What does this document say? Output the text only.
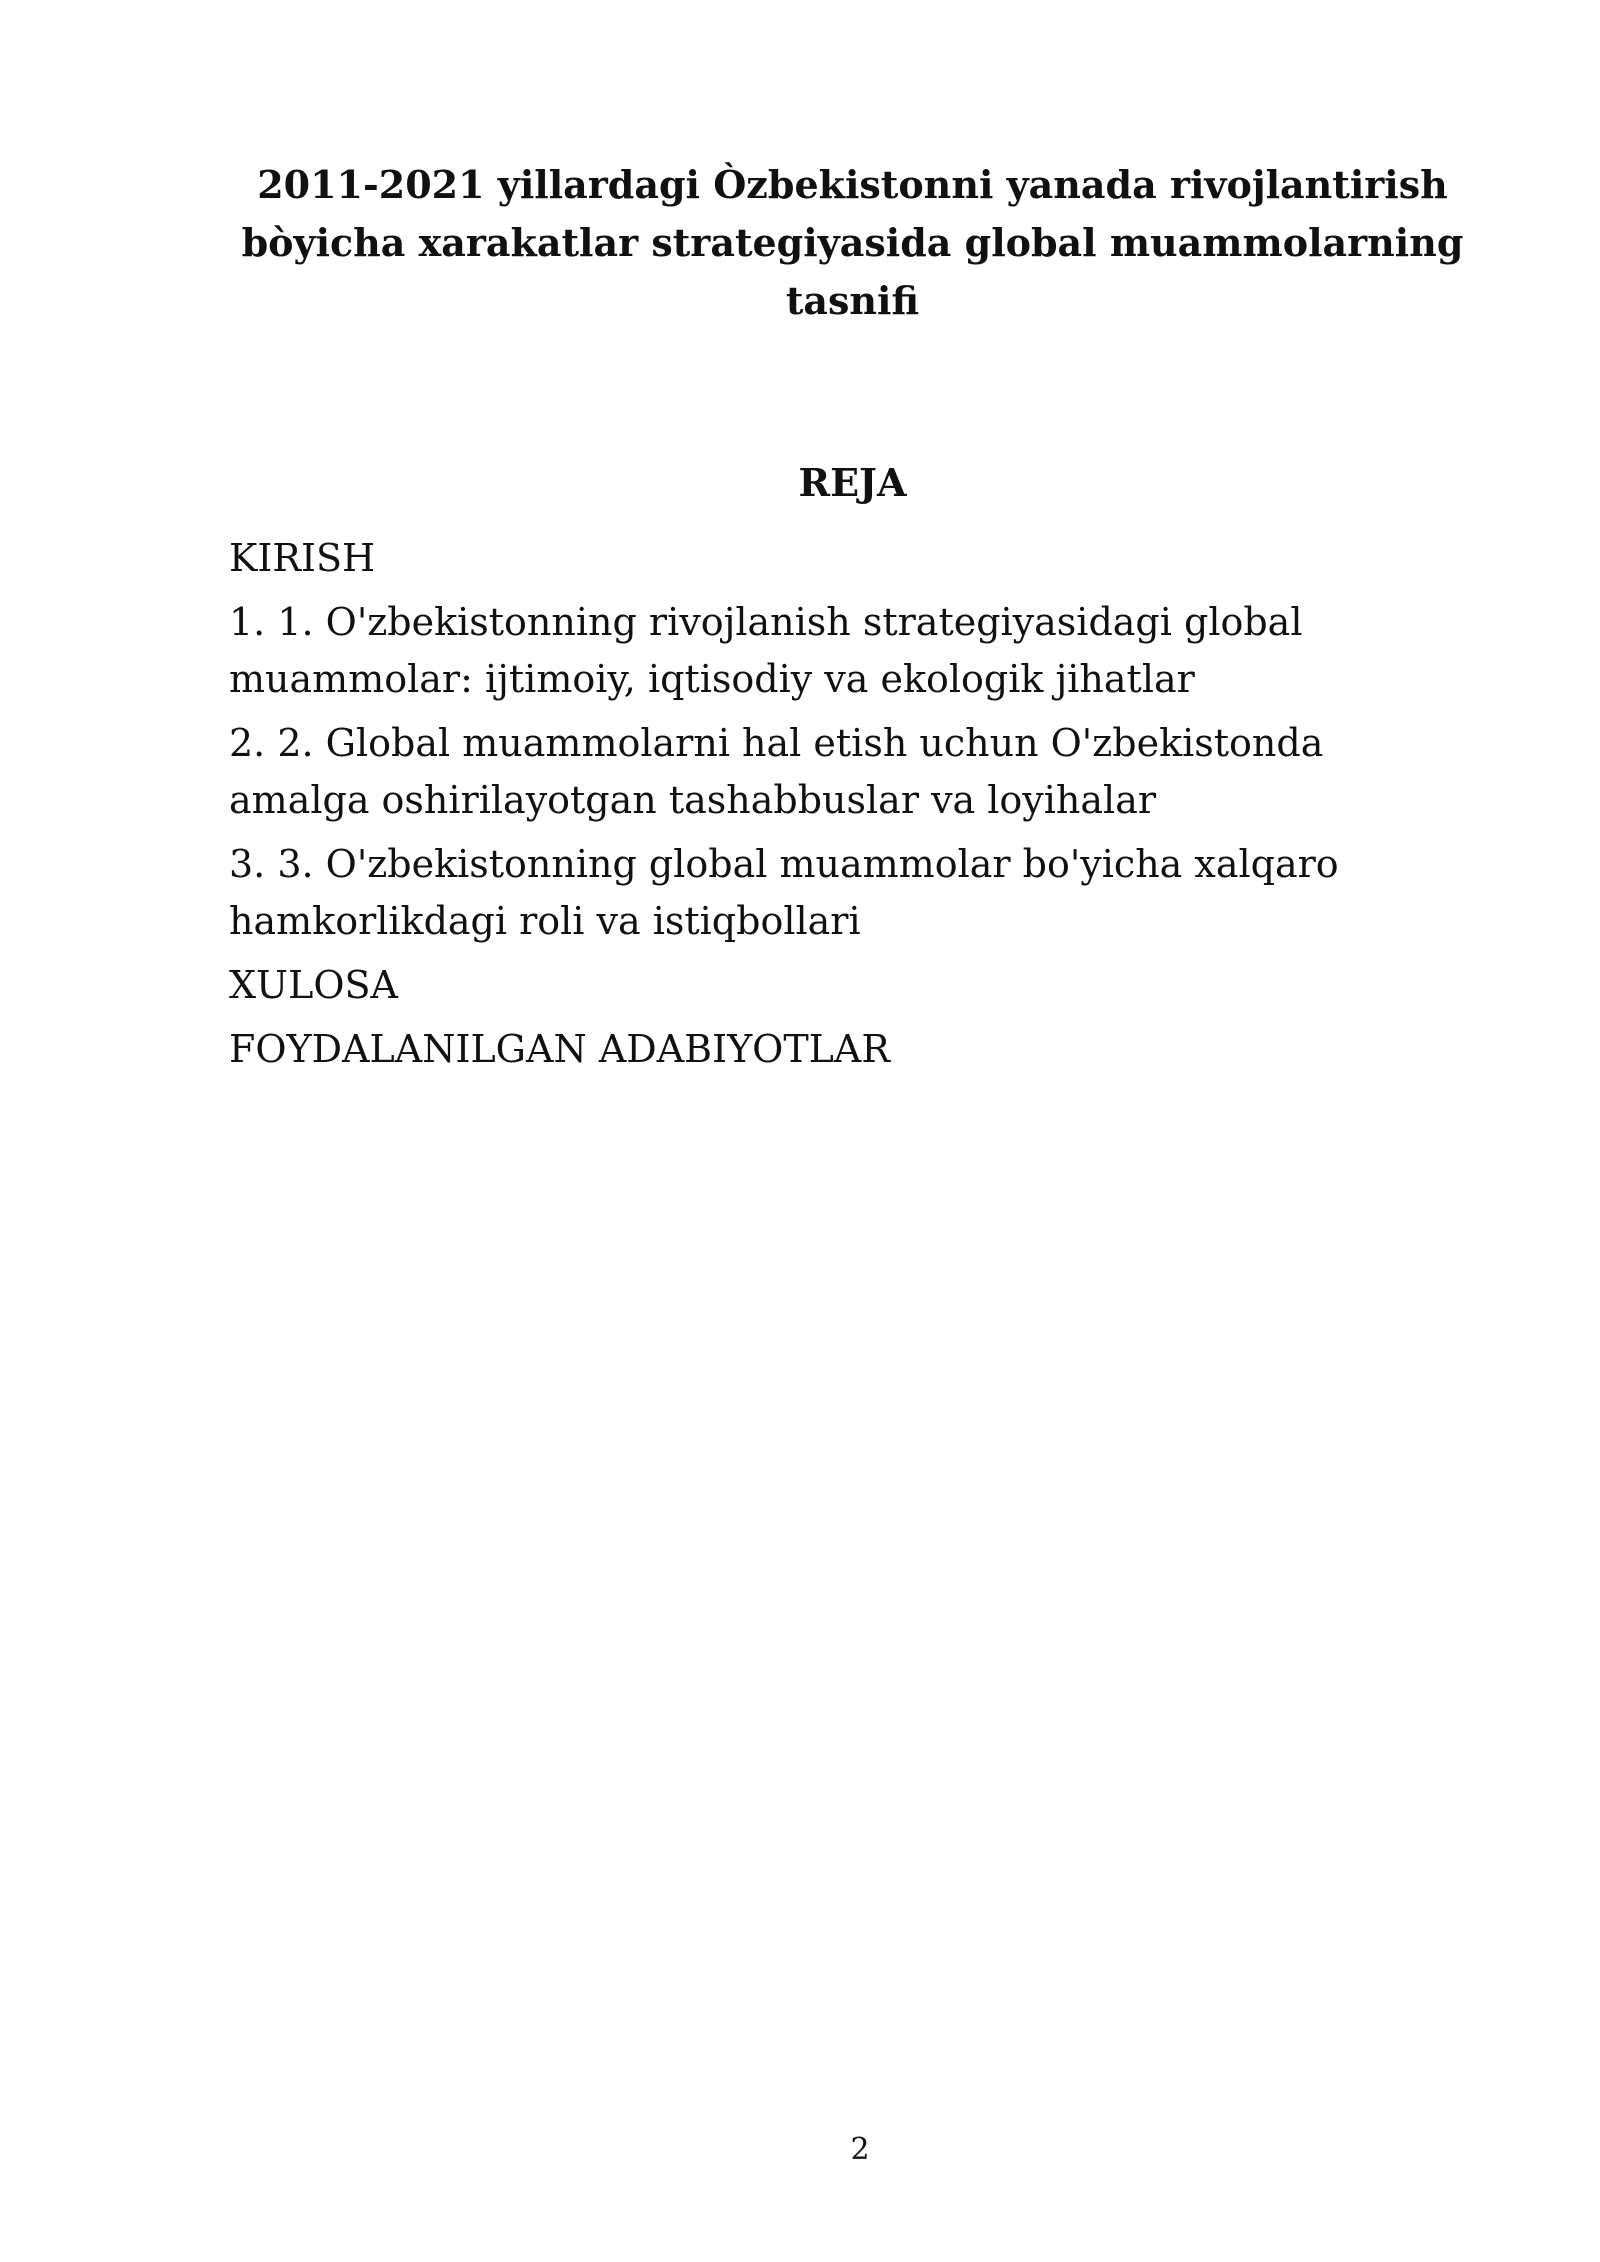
2011-2021 yillardagi Òzbekistonni yanada rivojlantirish bòyicha xarakatlar strategiyasida global muammolarning tasnifi
REJA
KIRISH
1. 1. O'zbekistonning rivojlanish strategiyasidagi global muammolar: ijtimoiy, iqtisodiy va ekologik jihatlar
2. 2. Global muammolarni hal etish uchun O'zbekistonda amalga oshirilayotgan tashabbuslar va loyihalar
3. 3. O'zbekistonning global muammolar bo'yicha xalqaro hamkorlikdagi roli va istiqbollari
XULOSA
FOYDALANILGAN ADABIYOTLAR
2
